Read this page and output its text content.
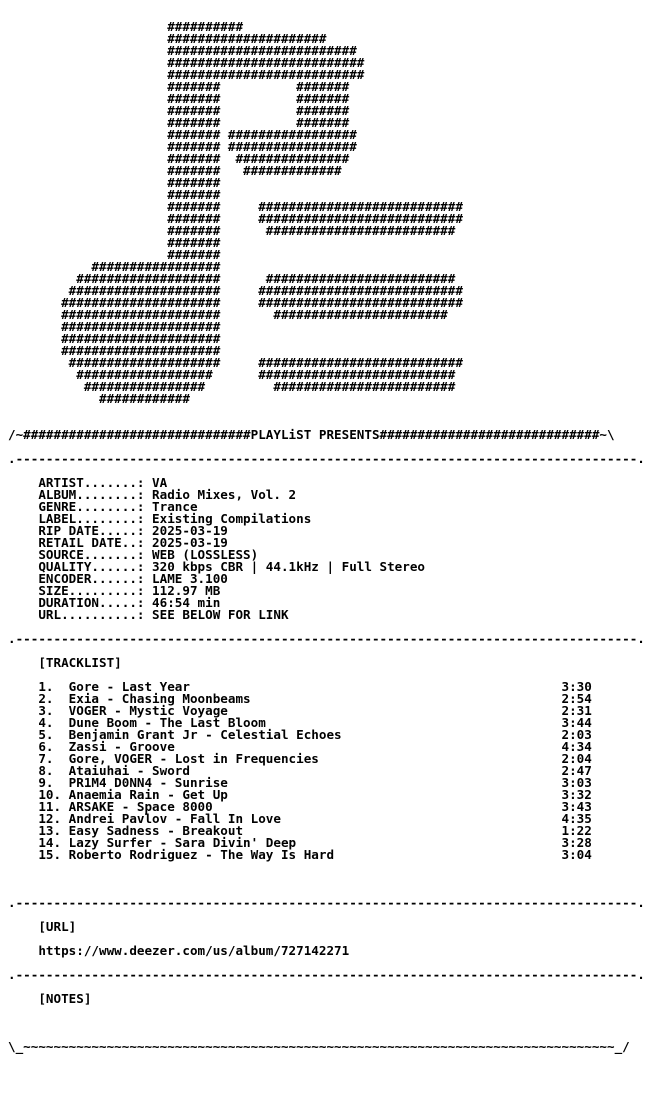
##########
#####################
#########################
##########################
##########################
#######          #######
#######          #######
#######          #######
#######          #######
####### #################
####### #################
#######  ###############
#######   #############
#######
#######
#######     ###########################
#######     ###########################
#######      #########################
#######
#######
#################
###################      #########################
####################     ###########################
#####################     ###########################
#####################       #######################
#####################
#####################
#####################
####################     ###########################
##################      ##########################
################         ########################
############
/~##############################PLAYLiST PRESENTS#############################~\
.----------------------------------------------------------------------------------.
ARTIST.......: VA
ALBUM........: Radio Mixes, Vol. 2
GENRE........: Trance
LABEL........: Existing Compilations
RIP DATE.....: 2025-03-19
RETAIL DATE..: 2025-03-19
SOURCE.......: WEB (LOSSLESS)
QUALITY......: 320 kbps CBR | 44.1kHz | Full Stereo
ENCODER......: LAME 3.100
SIZE.........: 112.97 MB
DURATION.....: 46:54 min
URL..........: SEE BELOW FOR LINK
.----------------------------------------------------------------------------------.
[TRACKLIST]
1.  Gore - Last Year                                                 3:30
2.  Exia - Chasing Moonbeams                                         2:54
3.  VOGER - Mystic Voyage                                            2:31
4.  Dune Boom - The Last Bloom                                       3:44
5.  Benjamin Grant Jr - Celestial Echoes                             2:03
6.  Zassi - Groove                                                   4:34
7.  Gore, VOGER - Lost in Frequencies                                2:04
8.  Ataiuhai - Sword                                                 2:47
9.  PR1M4 D0NN4 - Sunrise                                            3:03
10. Anaemia Rain - Get Up                                            3:32
11. ARSAKE - Space 8000                                              3:43
12. Andrei Pavlov - Fall In Love                                     4:35
13. Easy Sadness - Breakout                                          1:22
14. Lazy Surfer - Sara Divin' Deep                                   3:28
15. Roberto Rodriguez - The Way Is Hard                              3:04
.----------------------------------------------------------------------------------.
[URL]
https://www.deezer.com/us/album/727142271
.----------------------------------------------------------------------------------.
[NOTES]
\_~~~~~~~~~~~~~~~~~~~~~~~~~~~~~~~~~~~~~~~~~~~~~~~~~~~~~~~~~~~~~~~~~~~~~~~~~~~~~~_/
